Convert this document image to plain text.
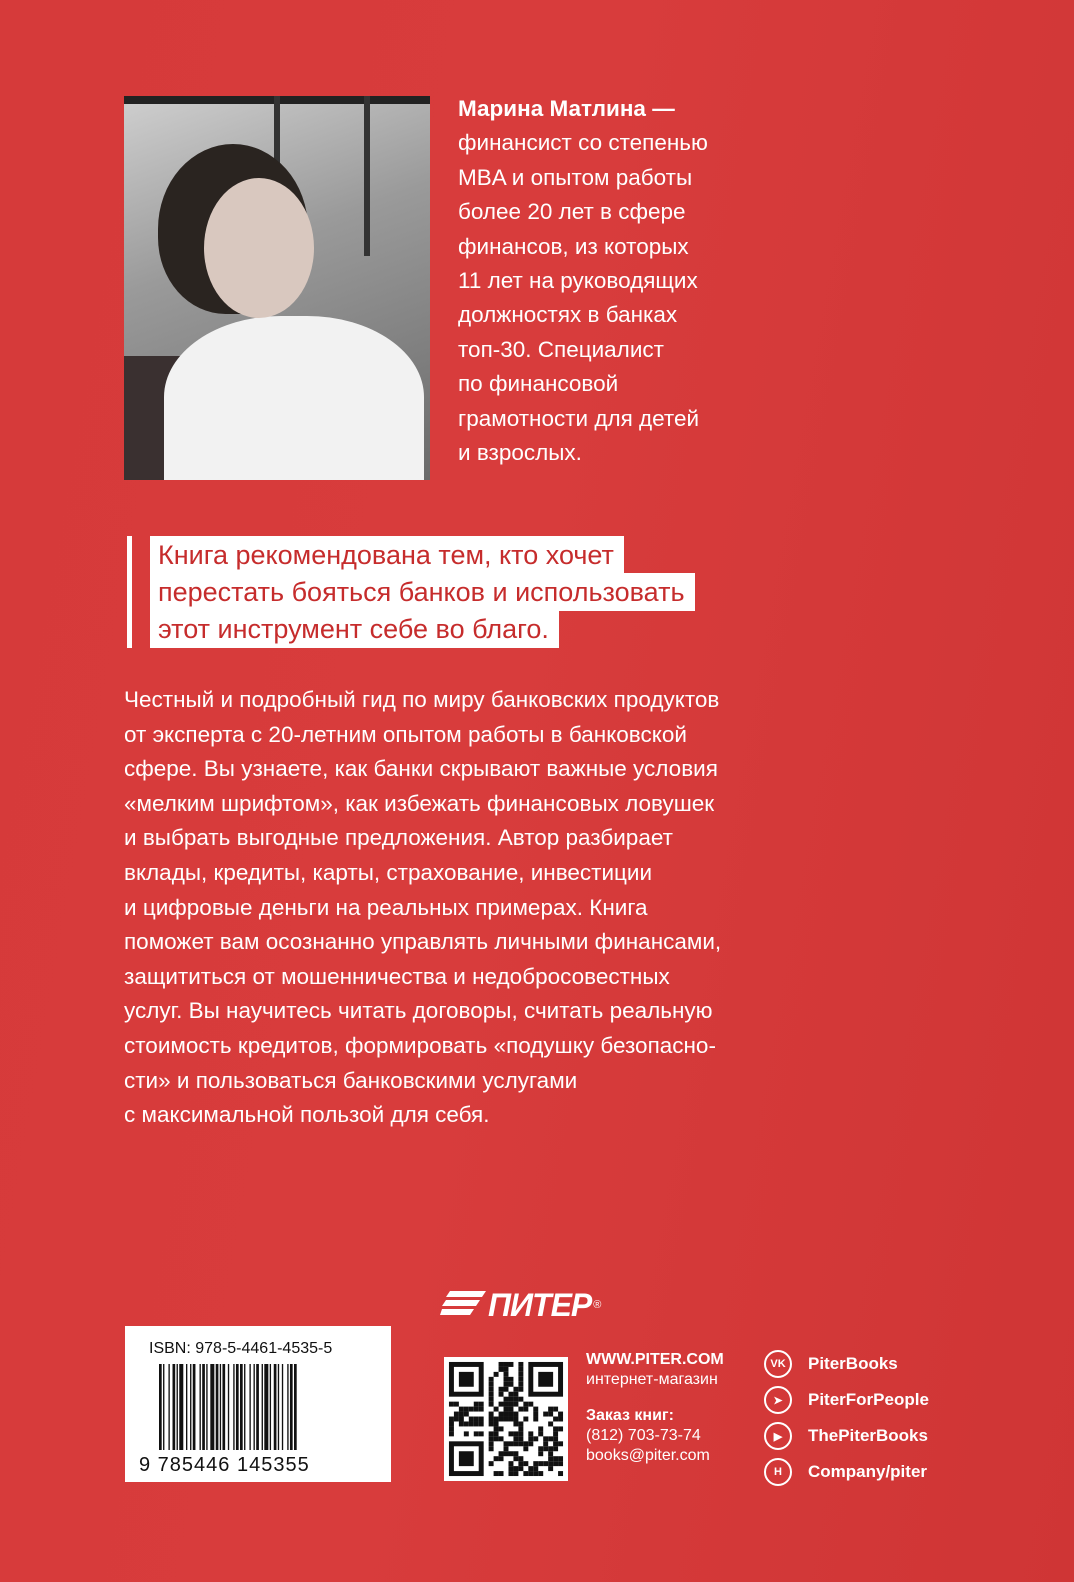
Марина Матлина —
финансист со степенью
MBA и опытом работы
более 20 лет в сфере
финансов, из которых
11 лет на руководящих
должностях в банках
топ-30. Специалист
по финансовой
грамотности для детей
и взрослых.
Книга рекомендована тем, кто хочет
перестать бояться банков и использовать
этот инструмент себе во благо.

Честный и подробный гид по миру банковских продуктов

от эксперта с 20-летним опытом работы в банковской

сфере. Вы узнаете, как банки скрывают важные условия

«мелким шрифтом», как избежать финансовых ловушек

и выбрать выгодные предложения. Автор разбирает

вклады, кредиты, карты, страхование, инвестиции

и цифровые деньги на реальных примерах. Книга

поможет вам осознанно управлять личными финансами,

защититься от мошенничества и недобросовестных

услуг. Вы научитесь читать договоры, считать реальную

стоимость кредитов, формировать «подушку безопасно-

сти» и пользоваться банковскими услугами

с максимальной пользой для себя.

ПИТЕР ®
ISBN: 978-5-4461-4535-5
9 785446 145355
WWW.PITER.COM
интернет-магазин
Заказ книг:
(812) 703-73-74
books@piter.com
VK	PiterBooks
➤	PiterForPeople
▶	ThePiterBooks
H	Company/piter
